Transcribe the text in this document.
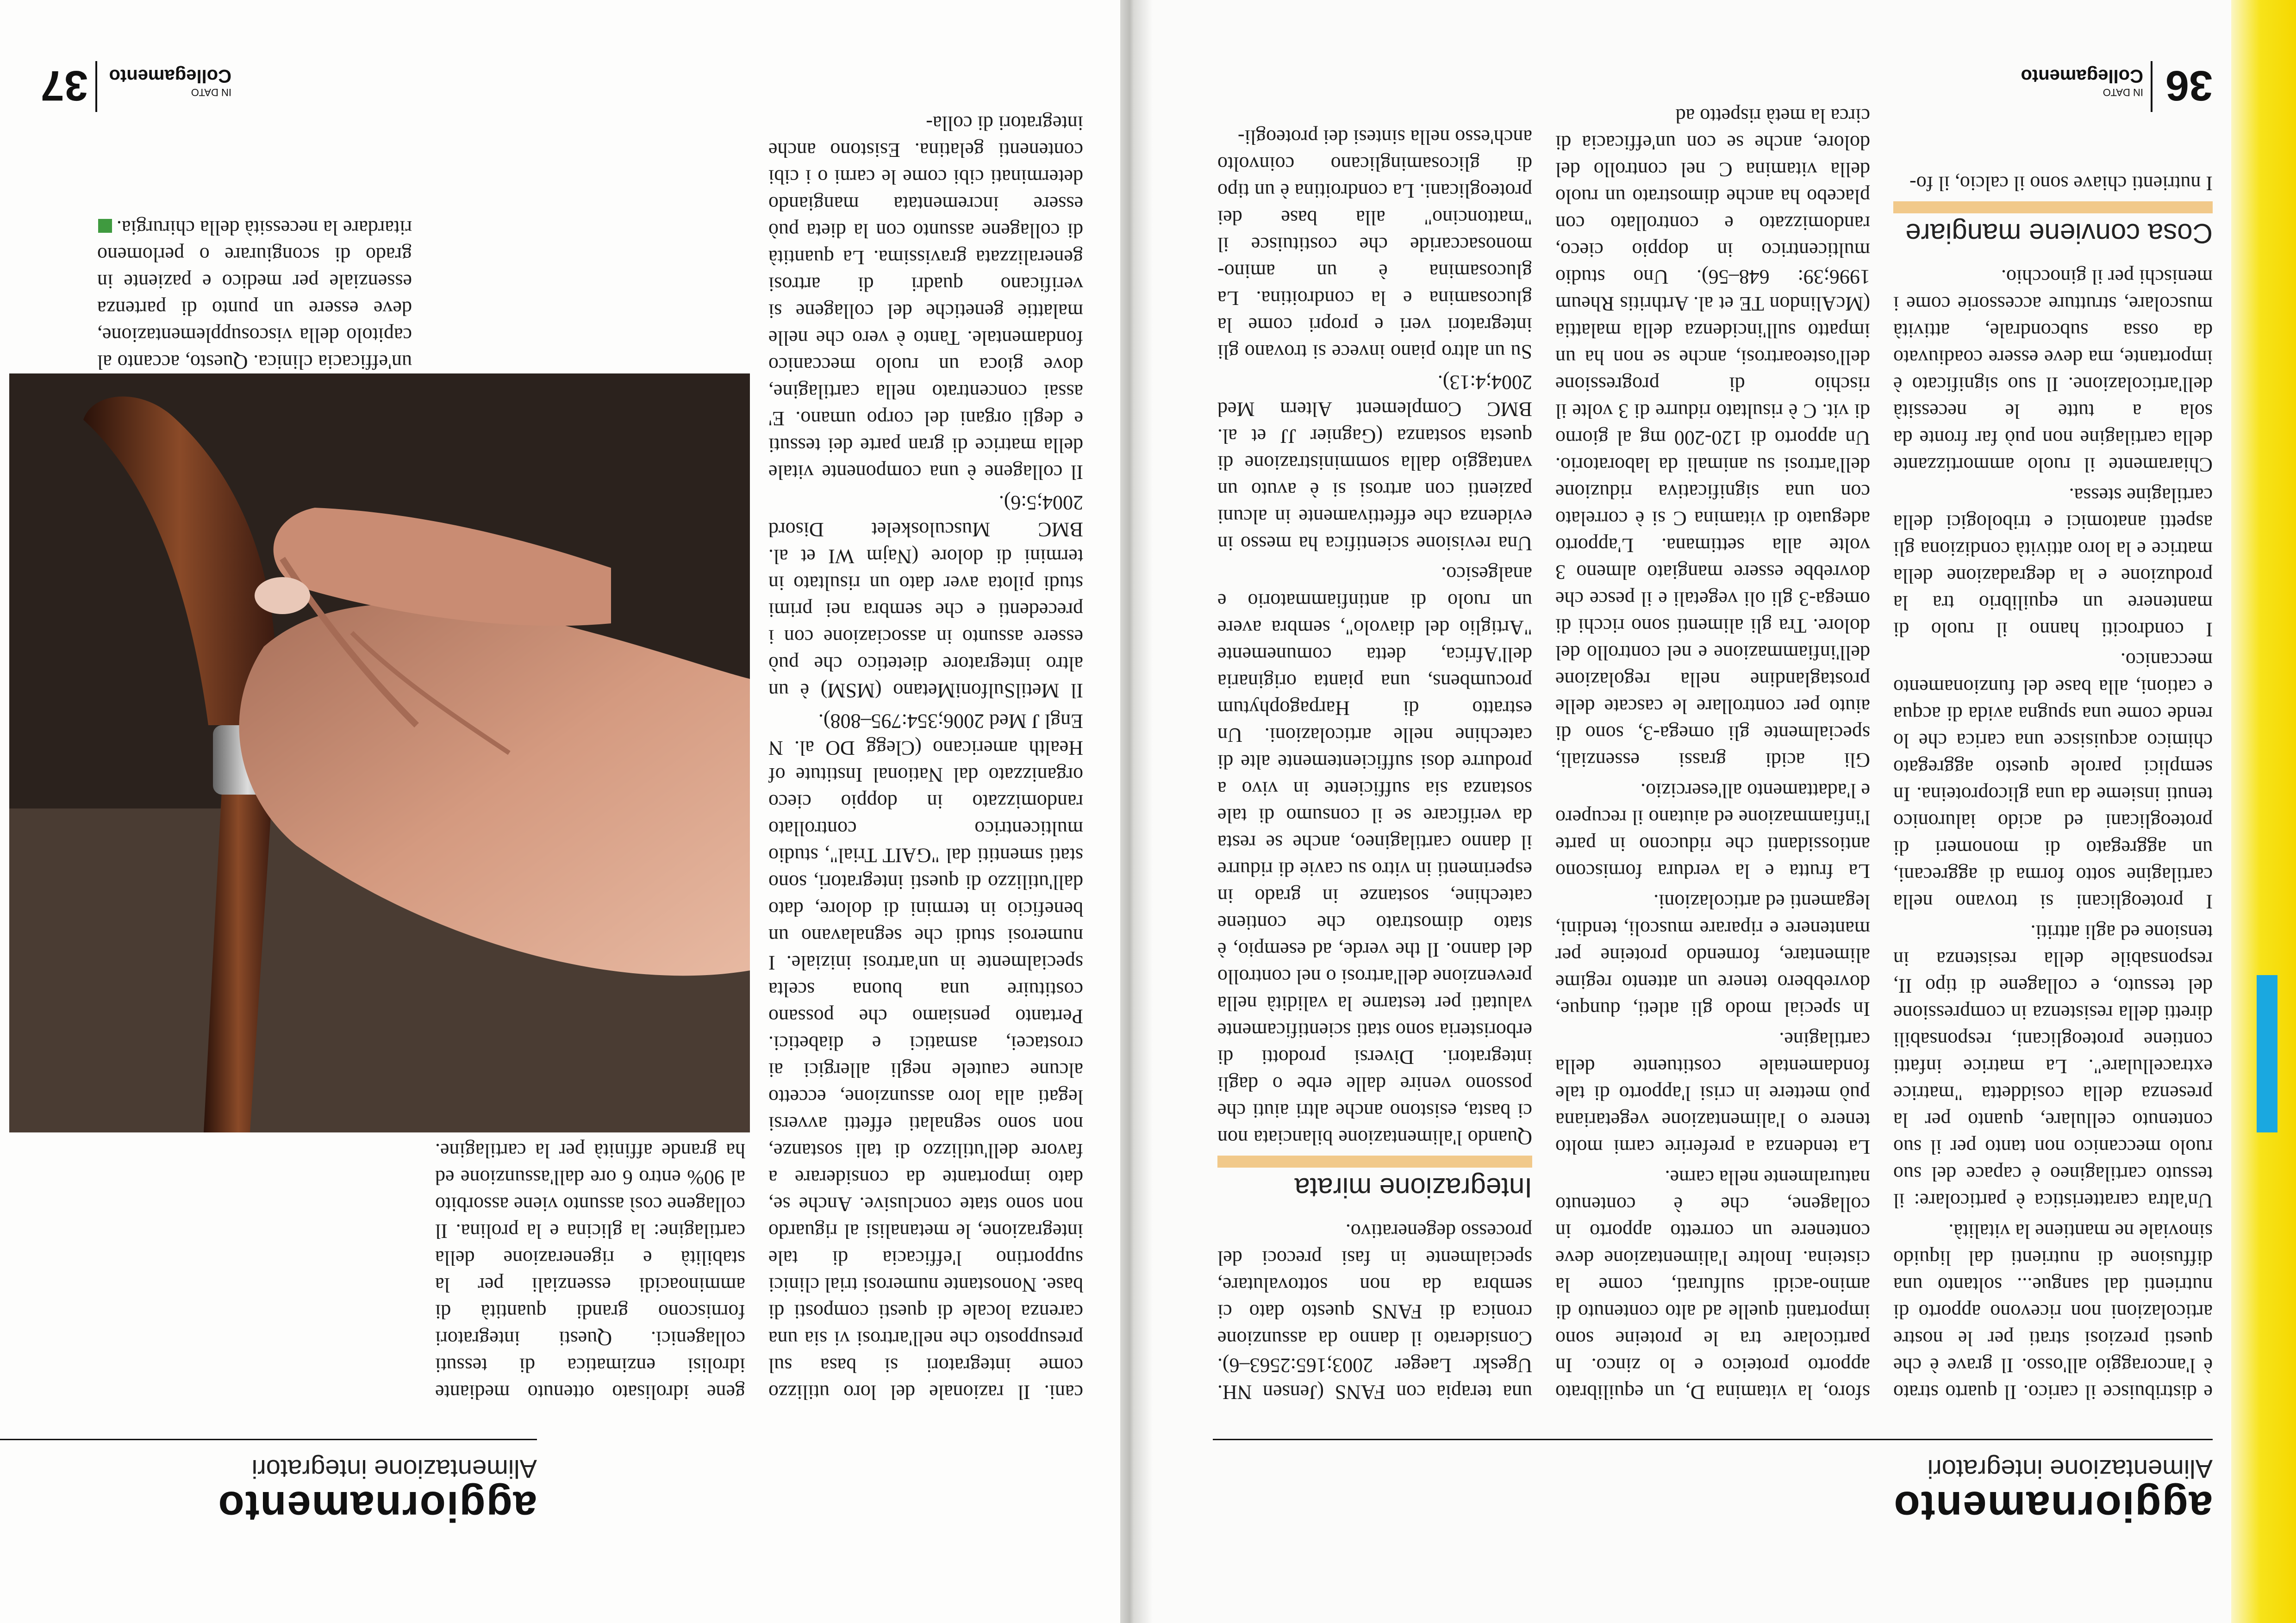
aggiornamento
Alimentazione integratori

e distribuisce il carico. Il quarto strato è l'ancoraggio all'osso. Il grave è che questi preziosi strati per le nostre articolazioni non ricevono apporto di nutrienti dal sangue... soltanto una diffusione di nutrienti dal liquido sinoviale ne mantiene la vitalità.

Un'altra caratteristica è particolare: il tessuto cartilagineo è capace del suo ruolo meccanico non tanto per il suo contenuto cellulare, quanto per la presenza della cosiddetta "matrice extracellulare". La matrice infatti contiene proteoglicani, responsabili diretti della resistenza in compressione del tessuto, e collagene di tipo II, responsabile della resistenza in tensione ed agli attriti.

I proteoglicani si trovano nella cartilagine sotto forma di aggrecani, un aggregato di monomeri di proteoglicani ed acido ialuronico tenuti insieme da una glicoproteina. In semplici parole questo aggregato chimico acquisisce una carica che lo rende come una spugna avida di acqua e cationi, alla base del funzionamento meccanico.

I condrociti hanno il ruolo di mantenere un equilibrio tra la produzione e la degradazione della matrice e la loro attività condiziona gli aspetti anatomici e tribologici della cartilagine stessa.

Chiaramente il ruolo ammortizzante della cartilagine non può far fronte da sola a tutte le necessità dell'articolazione. Il suo significato è importante, ma deve essere coadiuvato da ossa subcondrale, attività muscolare, strutture accessorie come i menischi per il ginocchio.

Cosa conviene mangiare

I nutrienti chiave sono il calcio, il fo-

sforo, la vitamina D, un equilibrato apporto proteico e lo zinco. In particolare tra le proteine sono importanti quelle ad alto contenuto di amino-acidi sulfurati, come la cisteina. Inoltre l'alimentazione deve contenere un corretto apporto in collagene, che è contenuto naturalmente nella carne.

La tendenza a preferire carni molto tenere o l'alimentazione vegetariana può mettere in crisi l'apporto di tale fondamentale costituente della cartilagine.

In special modo gli atleti, dunque, dovrebbero tenere un attento regime alimentare, fornendo proteine per mantenere e riparare muscoli, tendini, legamenti ed articolazioni.

La frutta e la verdura forniscono antiossidanti che riducono in parte l'infiammazione ed aiutano il recupero e l'adattamento all'esercizio.

Gli acidi grassi essenziali, specialmente gli omega-3, sono di aiuto per controllare le cascate delle prostaglandine nella regolazione dell'infiammazione e nel controllo del dolore. Tra gli alimenti sono ricchi di omega-3 gli oli vegetali e il pesce che dovrebbe essere mangiato almeno 3 volte alla settimana. L'apporto adeguato di vitamina C si è correlato con una significativa riduzione dell'artrosi su animali da laboratorio. Un apporto di 120-200 mg al giorno di vit. C è risultato ridurre di 3 volte il rischio di progressione dell'osteoartrosi, anche se non ha un impatto sull'incidenza della malattia (McAlindon TE et al. Arthritis Rheum 1996;39: 648–56). Uno studio multicentrico in doppio cieco, randomizzato e controllato con placebo ha anche dimostrato un ruolo della vitamina C nel controllo del dolore, anche se con un'efficacia di circa la metà rispetto ad

una terapia con FANS (Jensen NH. Ugeskr Laeger 2003;165:2563–6). Considerato il danno da assunzione cronica di FANS questo dato ci sembra da non sottovalutare, specialmente in fasi precoci del processo degenerativo.

Integrazione mirata

Quando l'alimentazione bilanciata non ci basta, esistono anche altri aiuti che possono venire dalle erbe o dagli integratori. Diversi prodotti di erboristeria sono stati scientificamente valutati per testarne la validità nella prevenzione dell'artrosi o nel controllo del danno. Il the verde, ad esempio, è stato dimostrato che contiene catechine, sostanze in grado in esperimenti in vitro su cavie di ridurre il danno cartilagineo, anche se resta da verificare se il consumo di tale sostanza sia sufficiente in vivo a produrre dosi sufficientemente alte di catechine nelle articolazioni. Un estratto di Harpagophytum procumbens, una pianta originaria dell'Africa, detta comunemente "Artiglio del diavolo", sembra avere un ruolo di antinfiammatorio e analgesico.

Una revisione scientifica ha messo in evidenza che effettivamente in alcuni pazienti con artrosi si è avuto un vantaggio dalla somministrazione di questa sostanza (Gagnier JJ et al. BMC Complement Altern Med 2004;4:13).

Su un altro piano invece si trovano gli integratori veri e propri come la glucosamina e la condroitina. La glucosamina è un amino-monosaccaride che costituisce il "mattoncino" alla base dei proteoglicani. La condroitina è un tipo di glicosaminglicano coinvolto anch'esso nella sintesi dei proteogli-

36
IN DATO
Collegamento
aggiornamento
Alimentazione integratori

cani. Il razionale del loro utilizzo come integratori si basa sul presupposto che nell'artrosi vi sia una carenza locale di questi composti di base. Nonostante numerosi trial clinici supportino l'efficacia di tale integrazione, le metanalisi al riguardo non sono state conclusive. Anche se, dato importante da considerare a favore dell'utilizzo di tali sostanze, non sono segnalati effetti avversi legati alla loro assunzione, eccetto alcune cautele negli allergici ai crostacei, asmatici e diabetici. Pertanto pensiamo che possano costituire una buona scelta specialmente in un'artrosi iniziale. I numerosi studi che segnalavano un beneficio in termini di dolore, dato dall'utilizzo di questi integratori, sono stati smentiti dal "GAIT Trial", studio multicentrico controllato randomizzato in doppio cieco organizzato dal National Institute of Health americano (Clegg DO al. N Engl J Med 2006;354:795–808).

Il MetilSulfoniMetano (MSM) è un altro integratore dietetico che può essere assunto in associazione con i precedenti e che sembra nei primi studi pilota aver dato un risultato in termini di dolore (Najm WI et al. BMC Musculoskelet Disord 2004;5:6).

Il collagene è una componente vitale della matrice di gran parte dei tessuti e degli organi del corpo umano. E' assai concentrato nella cartilagine, dove gioca un ruolo meccanico fondamentale. Tanto è vero che nelle malattie genetiche del collagene si verificano quadri di artrosi generalizzata gravissima. La quantità di collagene assunto con la dieta può essere incrementata mangiando determinati cibi come le carni o i cibi contenenti gelatina. Esistono anche integratori di colla-

gene idrolisato ottenuto mediante idrolisi enzimatica di tessuti collagenici. Questi integratori forniscono grandi quantità di amminoacidi essenziali per la stabilità e rigenerazione della cartilagine: la glicina e la prolina. Il collagene così assunto viene assorbito al 90% entro 6 ore dall'assunzione ed ha grande affinità per la cartilagine.

un'efficacia clinica. Questo, accanto al capitolo della viscosupplementazione, deve essere un punto di partenza essenziale per medico e paziente in grado di scongiurare o perlomeno ritardare la necessità della chirurgia.

37	IN DATO
Collegamento
